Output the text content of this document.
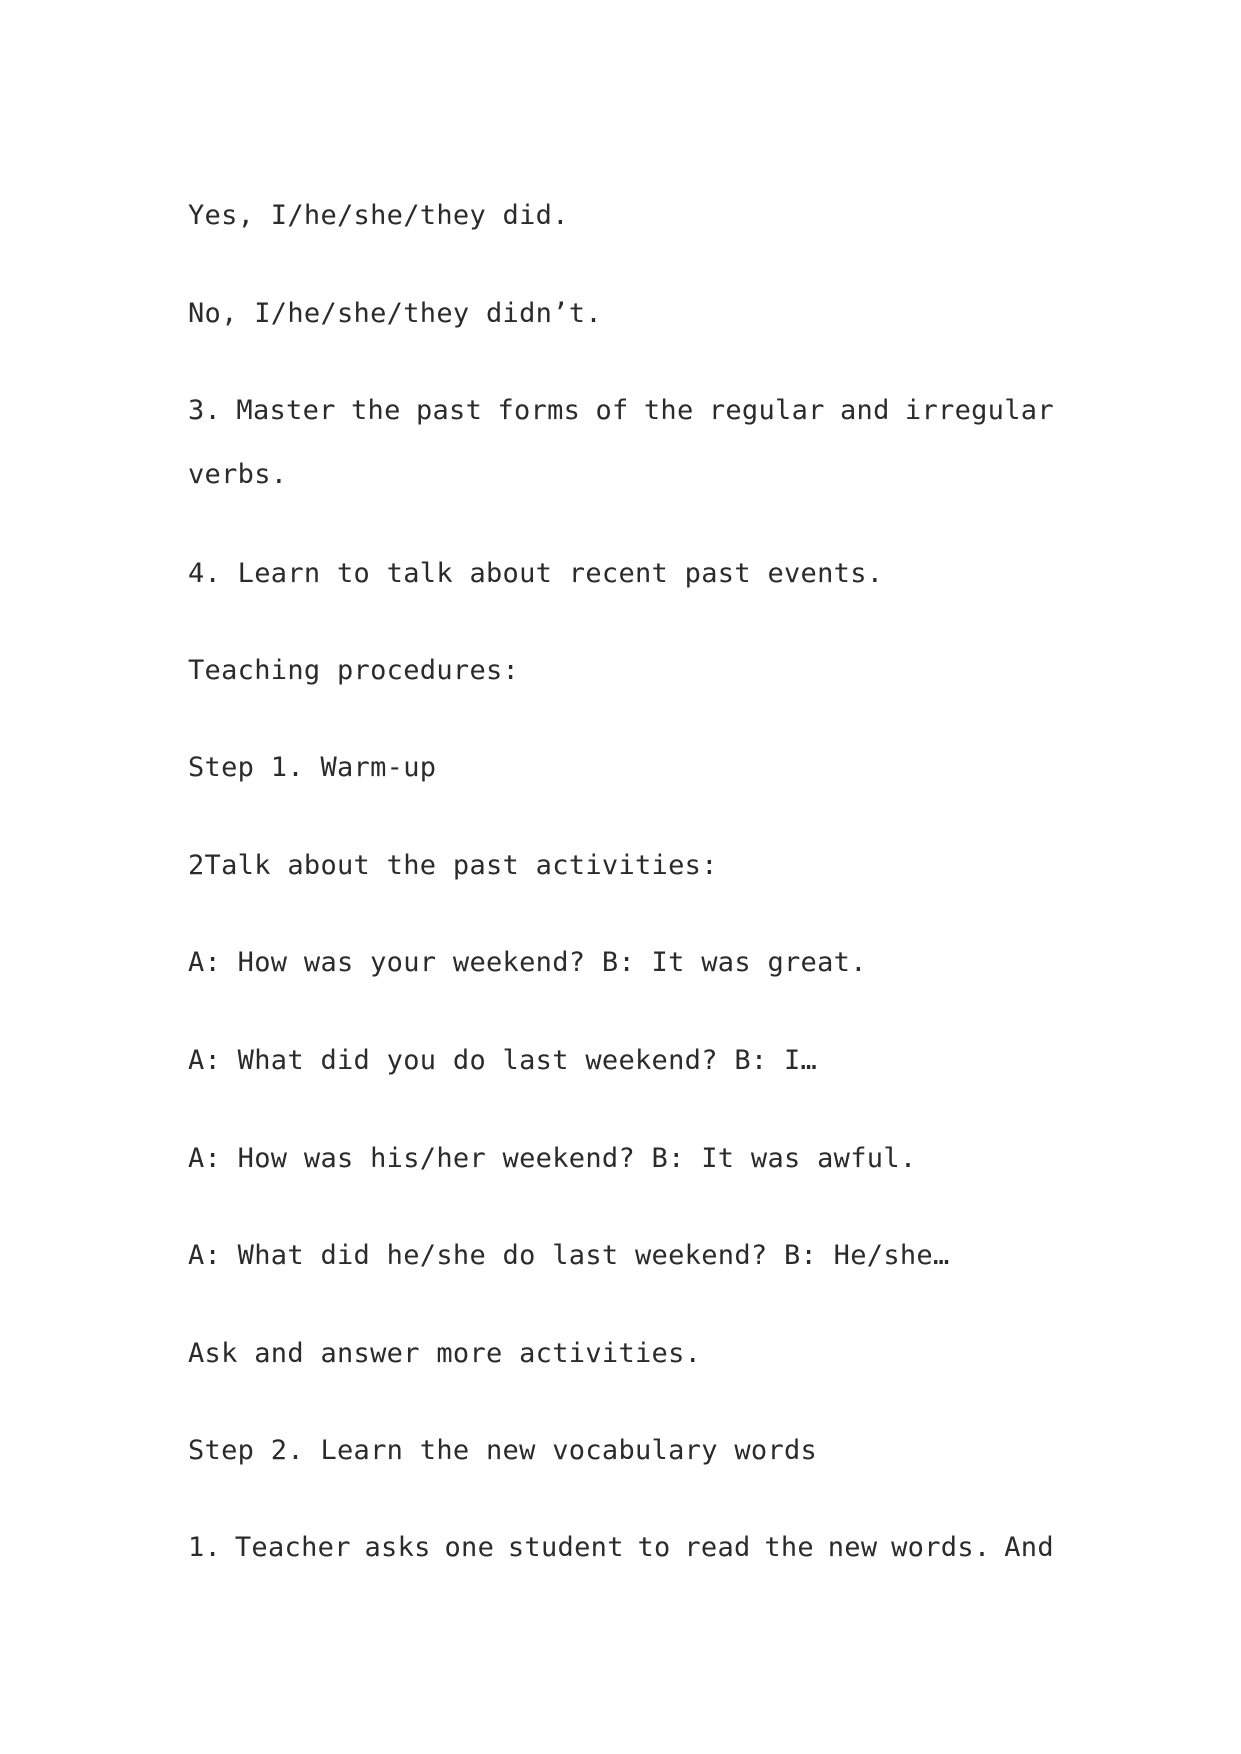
Yes, I/he/she/they did.
No, I/he/she/they didn’t.
3. Master the past forms of the regular and irregular
verbs.
4. Learn to talk about recent past events.
Teaching procedures:
Step 1. Warm-up
2Talk about the past activities:
A: How was your weekend? B: It was great.
A: What did you do last weekend? B: I…
A: How was his/her weekend? B: It was awful.
A: What did he/she do last weekend? B: He/she…
Ask and answer more activities.
Step 2. Learn the new vocabulary words
1. Teacher asks one student to read the new words. And
